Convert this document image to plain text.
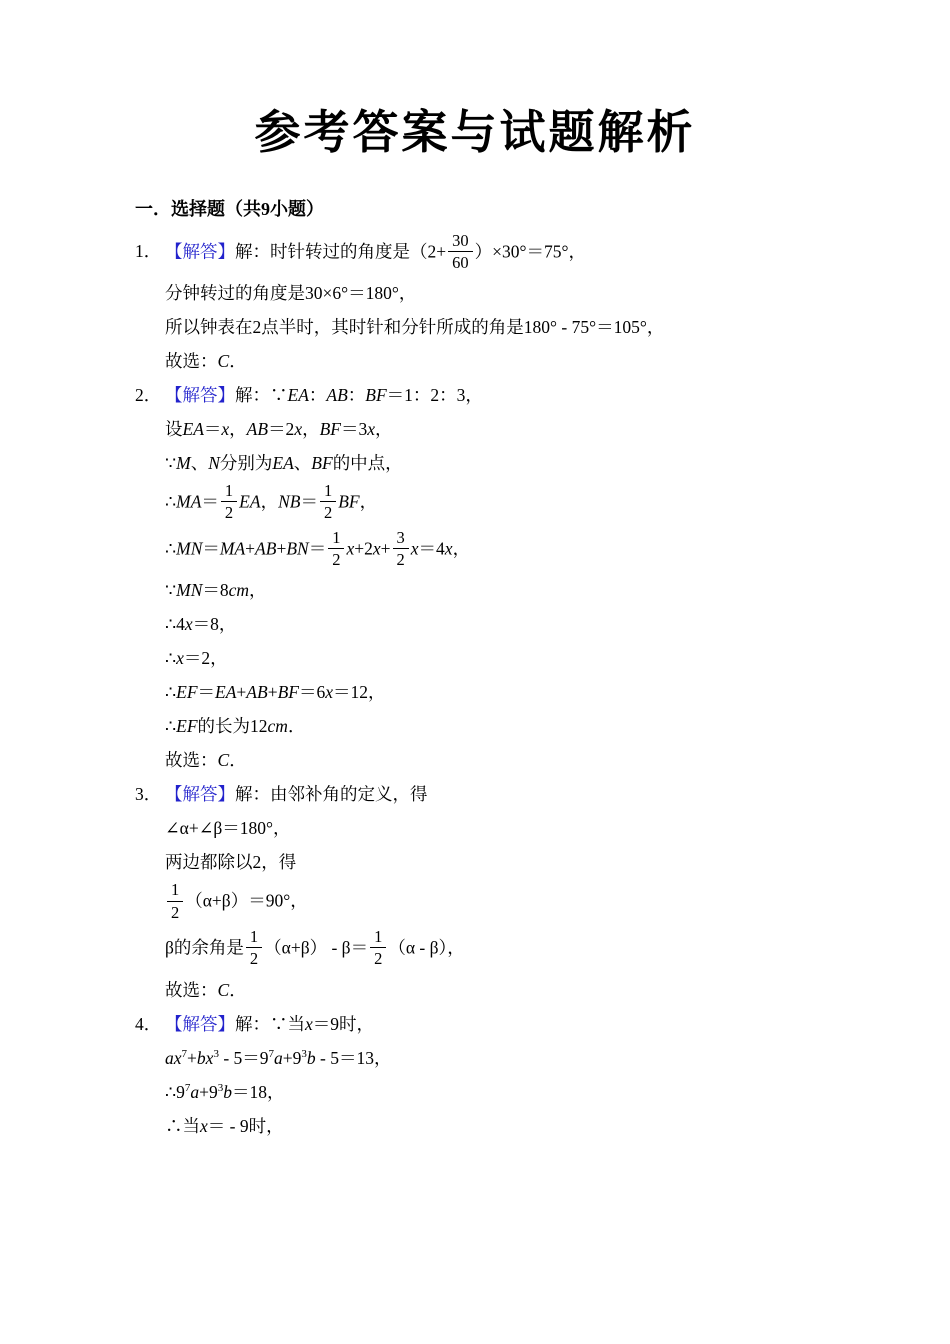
参考答案与试题解析
一．选择题（共9小题）
1． 【解答】解：时针转过的角度是$(2+ \frac{30}{60} )\times 30^\circ=75^\circ$，
分钟转过的角度是30×6°＝180°，
所以钟表在2点半时，其时针和分针所成的角是180° - 75°＝105°，
故选：C．
2． 【解答】解：∵EA：AB：BF＝1：2：3，
设EA＝x，AB＝2x，BF＝3x，
∵M、N分别为EA、BF的中点，
∴MA＝ $\frac{1}{2}$ EA，$NB= \frac{1}{2}$ BF，
∴MN＝MA+AB+BN＝ $\frac{1}{2} x+2x+ \frac{3}{2} x=4x$，
∵MN＝8cm，
∴4x＝8，
∴x＝2，
∴EF＝EA+AB+BF＝6x＝12，
∴EF的长为12cm．
故选：C．
3． 【解答】解：由邻补角的定义，得
∠α+∠β＝180°，
两边都除以2，得
$\frac{1}{2} (\alpha+\beta)=90^\circ$，
β的余角是 $\frac{1}{2} (\alpha+\beta) - \beta= \frac{1}{2} (\alpha - \beta)$，
故选：C．
4． 【解答】解：∵当x＝9时，
$ax^7+bx^3 - 5=9^7a+9^3b - 5=13$，
$\therefore 9^7a+9^3b=18$，
∴当x＝ - 9时，
